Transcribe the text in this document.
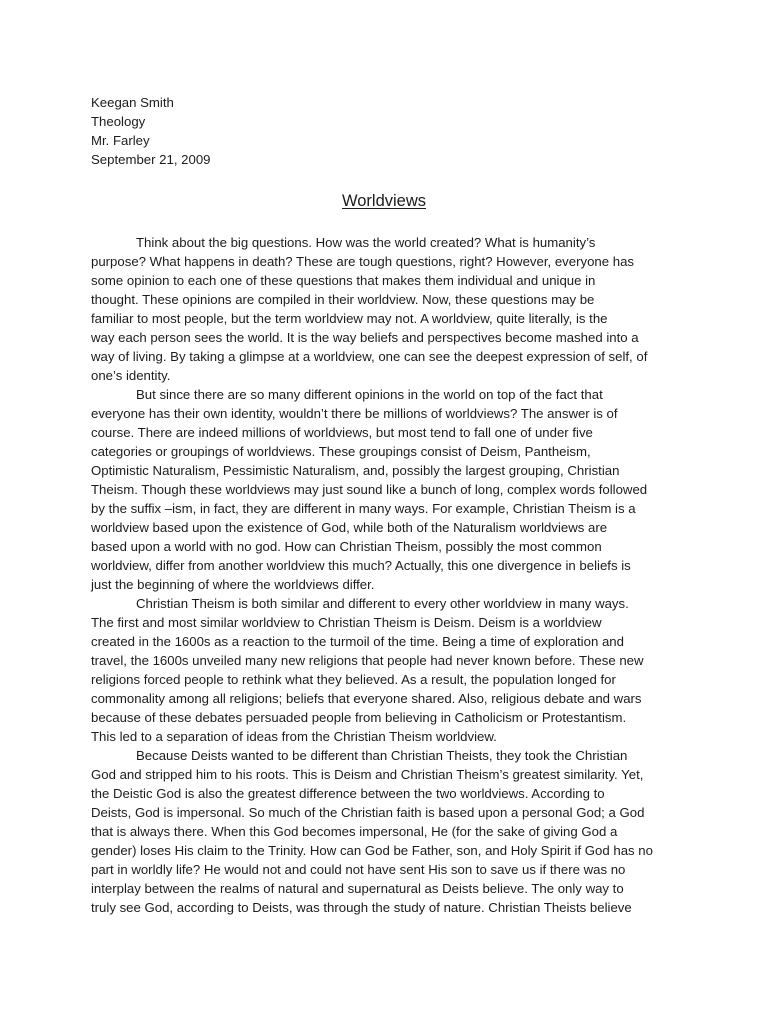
Keegan Smith
Theology
Mr. Farley
September 21, 2009
Worldviews
Think about the big questions. How was the world created? What is humanity’s
purpose? What happens in death? These are tough questions, right? However, everyone has
some opinion to each one of these questions that makes them individual and unique in
thought. These opinions are compiled in their worldview. Now, these questions may be
familiar to most people, but the term worldview may not. A worldview, quite literally, is the
way each person sees the world. It is the way beliefs and perspectives become mashed into a
way of living. By taking a glimpse at a worldview, one can see the deepest expression of self, of
one’s identity.
But since there are so many different opinions in the world on top of the fact that
everyone has their own identity, wouldn’t there be millions of worldviews? The answer is of
course. There are indeed millions of worldviews, but most tend to fall one of under five
categories or groupings of worldviews. These groupings consist of Deism, Pantheism,
Optimistic Naturalism, Pessimistic Naturalism, and, possibly the largest grouping, Christian
Theism. Though these worldviews may just sound like a bunch of long, complex words followed
by the suffix –ism, in fact, they are different in many ways. For example, Christian Theism is a
worldview based upon the existence of God, while both of the Naturalism worldviews are
based upon a world with no god. How can Christian Theism, possibly the most common
worldview, differ from another worldview this much? Actually, this one divergence in beliefs is
just the beginning of where the worldviews differ.
Christian Theism is both similar and different to every other worldview in many ways.
The first and most similar worldview to Christian Theism is Deism. Deism is a worldview
created in the 1600s as a reaction to the turmoil of the time. Being a time of exploration and
travel, the 1600s unveiled many new religions that people had never known before. These new
religions forced people to rethink what they believed. As a result, the population longed for
commonality among all religions; beliefs that everyone shared. Also, religious debate and wars
because of these debates persuaded people from believing in Catholicism or Protestantism.
This led to a separation of ideas from the Christian Theism worldview.
Because Deists wanted to be different than Christian Theists, they took the Christian
God and stripped him to his roots. This is Deism and Christian Theism’s greatest similarity. Yet,
the Deistic God is also the greatest difference between the two worldviews. According to
Deists, God is impersonal. So much of the Christian faith is based upon a personal God; a God
that is always there. When this God becomes impersonal, He (for the sake of giving God a
gender) loses His claim to the Trinity. How can God be Father, son, and Holy Spirit if God has no
part in worldly life? He would not and could not have sent His son to save us if there was no
interplay between the realms of natural and supernatural as Deists believe. The only way to
truly see God, according to Deists, was through the study of nature. Christian Theists believe
